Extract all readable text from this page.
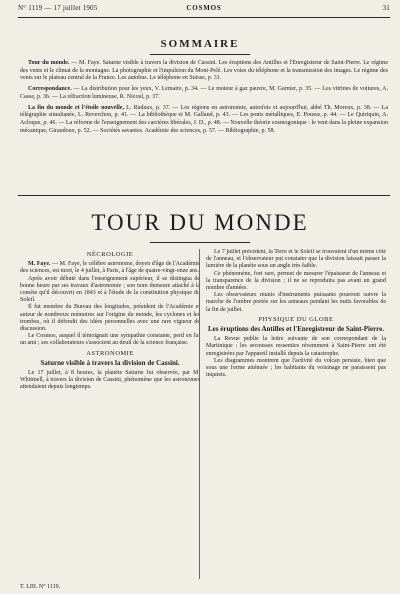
N° 1119 — 17 juillet 1905	COSMOS	31
SOMMAIRE

Tour du monde. — M. Faye. Saturne visible à travers la division de Cassini. Les éruptions des Antilles et l'Enregistreur de Saint-Pierre. Le régime des vents et le climat de la montagne. La photographie et l'impulsion du Mont-Pelé. Les voies du téléphone et la transmission des images. Le régime des vents sur le plateau central de la France. Les autobus. Le téléphone en Suisse, p. 31.

Correspondance. — La distribution pour les yeux, V. Lemaire, p. 34. — Le moteur à gaz pauvre, M. Garnier, p. 35. — Les vitrines de voitures, A. Casse, p. 36. — La réfraction lumineuse, R. Nicoul, p. 37.

La fin du monde et l'étoile nouvelle, L. Rudaux, p. 37. — Les régions en astronomie, autrefois et aujourd'hui, abbé Th. Moreux, p. 38. — La télégraphie simultanée, L. Reverchon, p. 41. — La bibliothèque et M. Galland, p. 43. — Les ponts métalliques, E. Pousse, p. 44. — Le Quiriquin, A. Acloque, p. 46. — La réforme de l'enseignement des carrières libérales, J. D., p. 48. — Nouvelle théorie cosmogonique : le vent dans la pleine expansion mécanique, Giraudoux, p. 52. — Sociétés savantes. Académie des sciences, p. 57. — Bibliographie, p. 58.

TOUR DU MONDE

NÉCROLOGIE

M. Faye. — M. Faye, le célèbre astronome, doyen d'âge de l'Académie des sciences, est mort, le 4 juillet, à Paris, à l'âge de quatre-vingt-onze ans.

Après avoir débuté dans l'enseignement supérieur, il se distingua de bonne heure par ses travaux d'astronomie ; son nom demeure attaché à la comète qu'il découvrit en 1843 et à l'étude de la constitution physique du Soleil.

Il fut membre du Bureau des longitudes, président de l'Académie et auteur de nombreux mémoires sur l'origine du monde, les cyclones et les trombes, où il défendit des idées personnelles avec une rare vigueur de discussion.

Le Cosmos, auquel il témoignait une sympathie constante, perd en lui un ami ; ses collaborateurs s'associent au deuil de la science française.

ASTRONOMIE

Saturne visible à travers la division de Cassini.

Le 17 juillet, à 8 heures, la planète Saturne fut observée, par M. Whitmell, à travers la division de Cassini, phénomène que les astronomes attendaient depuis longtemps.

Le 7 juillet précédent, la Terre et le Soleil se trouvaient d'un même côté de l'anneau, et l'observateur put constater que la division laissait passer la lumière de la planète sous un angle très faible.

Ce phénomène, fort rare, permet de mesurer l'épaisseur de l'anneau et la transparence de la division ; il ne se reproduira pas avant un grand nombre d'années.

Les observateurs munis d'instruments puissants pourront suivre la marche de l'ombre portée sur les anneaux pendant les nuits favorables de la fin de juillet.

PHYSIQUE DU GLOBE

Les éruptions des Antilles et l'Enregistreur de Saint-Pierre.

La Revue publie la lettre suivante de son correspondant de la Martinique : les secousses ressenties récemment à Saint-Pierre ont été enregistrées par l'appareil installé depuis la catastrophe.

Les diagrammes montrent que l'activité du volcan persiste, bien que sous une forme atténuée ; les habitants du voisinage ne paraissent pas inquiets.

T. LIII. N° 1119.
